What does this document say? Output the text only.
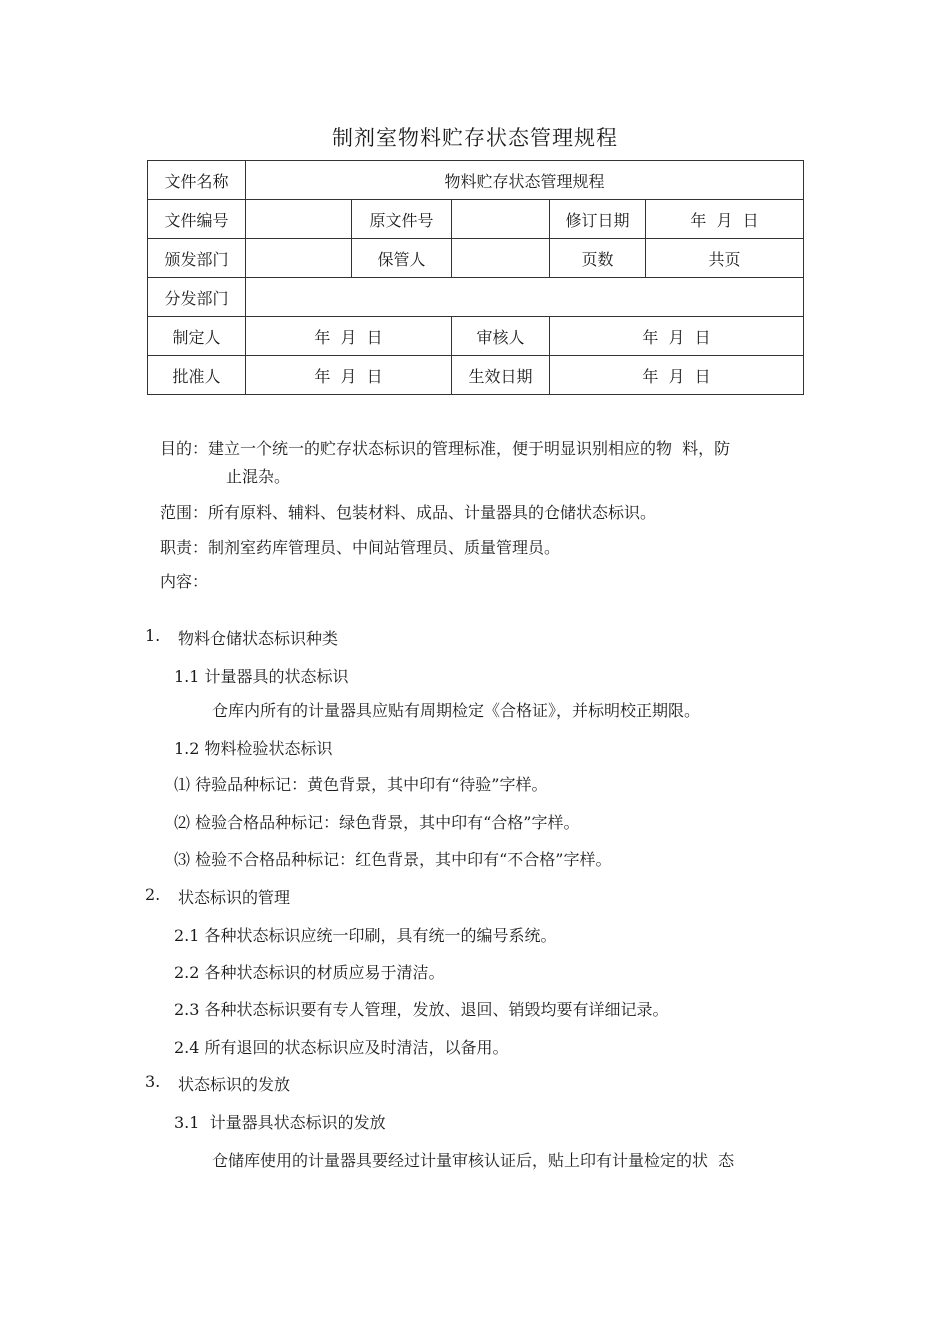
制剂室物料贮存状态管理规程
文件名称	物料贮存状态管理规程				
文件编号		原文件号		修订日期	年  月  日
颁发部门		保管人		页数	共页
分发部门					
制定人	年  月  日		审核人	年  月  日	
批准人	年  月  日		生效日期	年  月  日	
目的：建立一个统一的贮存状态标识的管理标准，便于明显识别相应的物  料，防
止混杂。
范围：所有原料、辅料、包装材料、成品、计量器具的仓储状态标识。
职责：制剂室药库管理员、中间站管理员、质量管理员。
内容：
1. 物料仓储状态标识种类
1.1 计量器具的状态标识
仓库内所有的计量器具应贴有周期检定《合格证》，并标明校正期限。
1.2 物料检验状态标识
⑴ 待验品种标记：黄色背景，其中印有“待验”字样。
⑵ 检验合格品种标记：绿色背景，其中印有“合格”字样。
⑶ 检验不合格品种标记：红色背景，其中印有“不合格”字样。
2. 状态标识的管理
2.1 各种状态标识应统一印刷，具有统一的编号系统。
2.2 各种状态标识的材质应易于清洁。
2.3 各种状态标识要有专人管理，发放、退回、销毁均要有详细记录。
2.4 所有退回的状态标识应及时清洁，以备用。
3. 状态标识的发放
3.1  计量器具状态标识的发放
仓储库使用的计量器具要经过计量审核认证后，贴上印有计量检定的状  态
